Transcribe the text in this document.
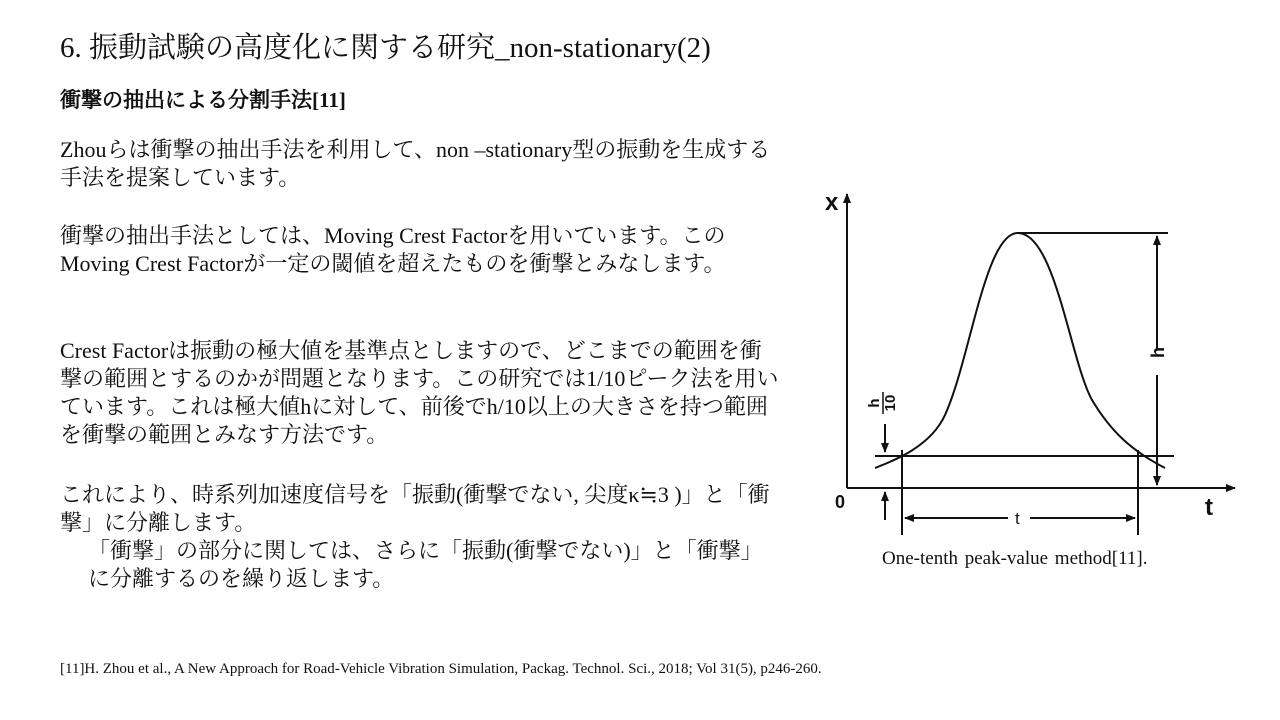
6. 振動試験の高度化に関する研究_non-stationary(2)
衝撃の抽出による分割手法[11]

Zhouらは衝撃の抽出手法を利用して、non –stationary型の振動を生成する手法を提案しています。

衝撃の抽出手法としては、Moving Crest Factorを用いています。このMoving Crest Factorが一定の閾値を超えたものを衝撃とみなします。

Crest Factorは振動の極大値を基準点としますので、どこまでの範囲を衝撃の範囲とするのかが問題となります。この研究では1/10ピーク法を用いています。これは極大値hに対して、前後でh/10以上の大きさを持つ範囲を衝撃の範囲とみなす方法です。

これにより、時系列加速度信号を「振動(衝撃でない, 尖度κ≒3 )」と「衝撃」に分離します。

「衝撃」の部分に関しては、さらに「振動(衝撃でない)」と「衝撃」に分離するのを繰り返します。

x
t
0
h
h 10
t
One-tenth peak-value method[11].
[11]H. Zhou et al., A New Approach for Road-Vehicle Vibration Simulation, Packag. Technol. Sci., 2018; Vol 31(5), p246-260.
